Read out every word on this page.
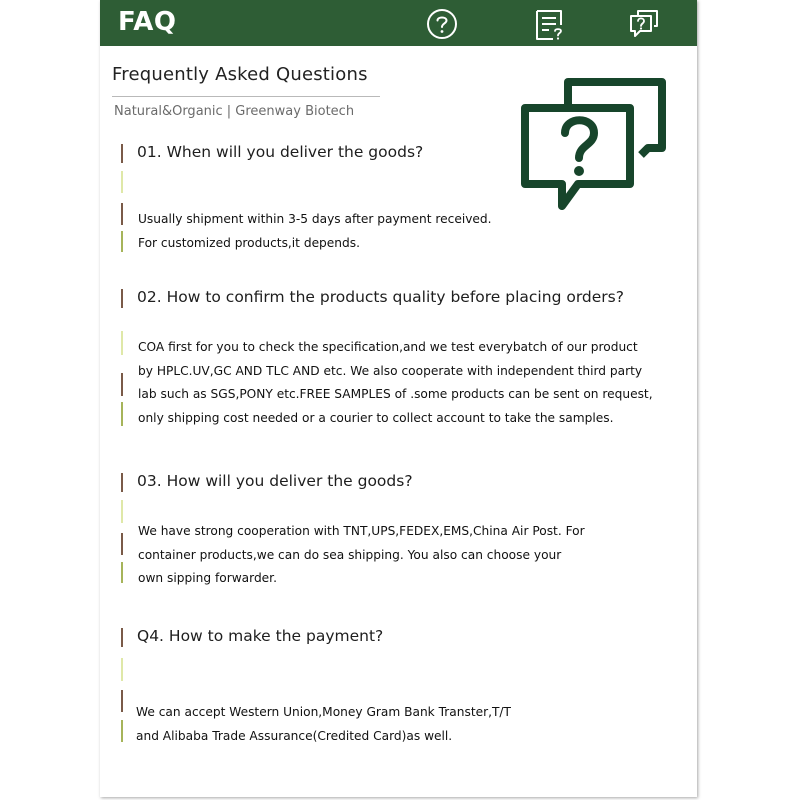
FAQ
Frequently Asked Questions
Natural&Organic | Greenway Biotech
01. When will you deliver the goods?
Usually shipment within 3-5 days after payment received.
For customized products,it depends.
02. How to confirm the products quality before placing orders?
COA first for you to check the specification,and we test everybatch of our product
by HPLC.UV,GC AND TLC AND etc. We also cooperate with independent third party
lab such as SGS,PONY etc.FREE SAMPLES of .some products can be sent on request,
only shipping cost needed or a courier to collect account to take the samples.
03. How will you deliver the goods?
We have strong cooperation with TNT,UPS,FEDEX,EMS,China Air Post. For
container products,we can do sea shipping. You also can choose your
own sipping forwarder.
Q4. How to make the payment?
We can accept Western Union,Money Gram Bank Transter,T/T
and Alibaba Trade Assurance(Credited Card)as well.
